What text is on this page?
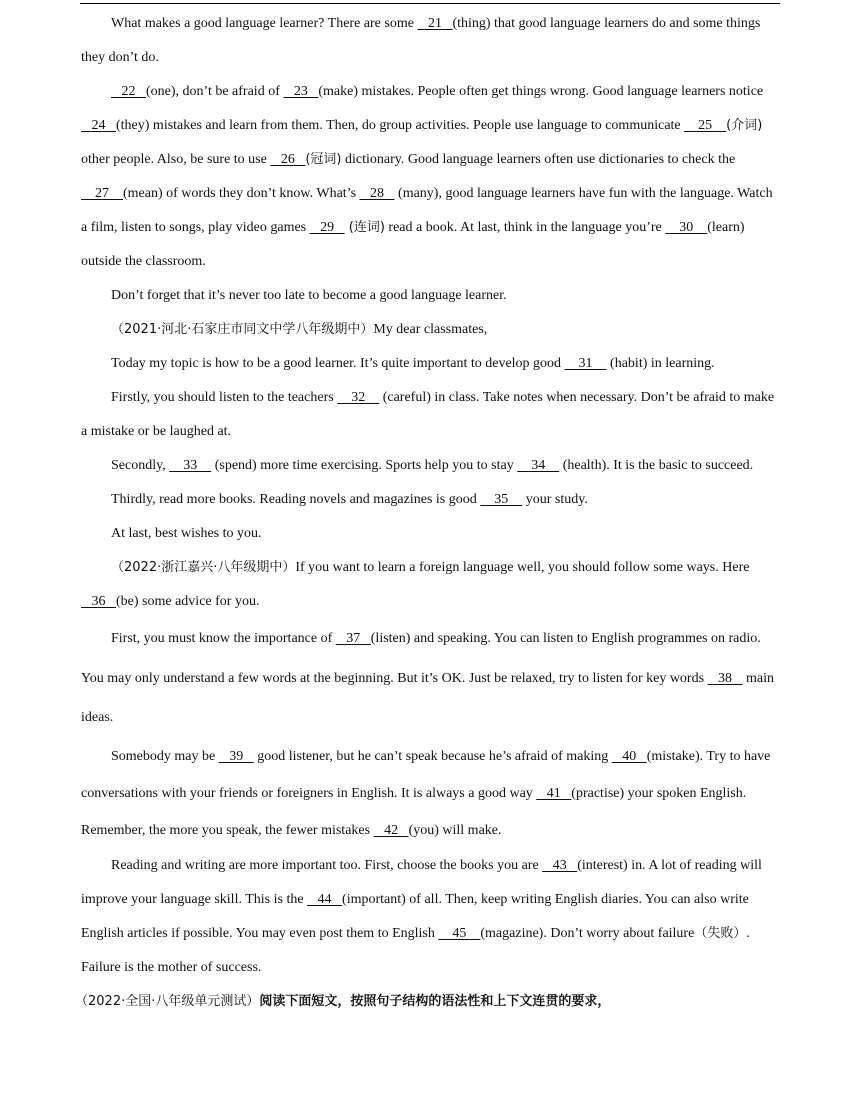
What makes a good language learner? There are some    21   (thing) that good language learners do and some things they don’t do.

22   (one), don’t be afraid of    23   (make) mistakes. People often get things wrong. Good language learners notice    24   (they) mistakes and learn from them. Then, do group activities. People use language to communicate     25    (介词) other people. Also, be sure to use    26   (冠词) dictionary. Good language learners often use dictionaries to check the     27    (mean) of words they don’t know. What’s    28    (many), good language learners have fun with the language. Watch a film, listen to songs, play video games    29    (连词) read a book. At last, think in the language you’re     30    (learn) outside the classroom.

Don’t forget that it’s never too late to become a good language learner.

（2021·河北·石家庄市同文中学八年级期中）My dear classmates,

Today my topic is how to be a good learner. It’s quite important to develop good     31     (habit) in learning.

Firstly, you should listen to the teachers     32     (careful) in class. Take notes when necessary. Don’t be afraid to make a mistake or be laughed at.

Secondly,     33     (spend) more time exercising. Sports help you to stay     34     (health). It is the basic to succeed.

Thirdly, read more books. Reading novels and magazines is good     35     your study.

At last, best wishes to you.

（2022·浙江嘉兴·八年级期中）If you want to learn a foreign language well, you should follow some ways. Here    36   (be) some advice for you.

First, you must know the importance of    37   (listen) and speaking. You can listen to English programmes on radio. You may only understand a few words at the beginning. But it’s OK. Just be relaxed, try to listen for key words    38    main ideas.

Somebody may be    39    good listener, but he can’t speak because he’s afraid of making    40   (mistake). Try to have conversations with your friends or foreigners in English. It is always a good way    41   (practise) your spoken English. Remember, the more you speak, the fewer mistakes    42   (you) will make.

Reading and writing are more important too. First, choose the books you are    43   (interest) in. A lot of reading will improve your language skill. This is the    44   (important) of all. Then, keep writing English diaries. You can also write English articles if possible. You may even post them to English     45    (magazine). Don’t worry about failure（失败）. Failure is the mother of success.

（2022·全国·八年级单元测试）阅读下面短文，按照句子结构的语法性和上下文连贯的要求，
